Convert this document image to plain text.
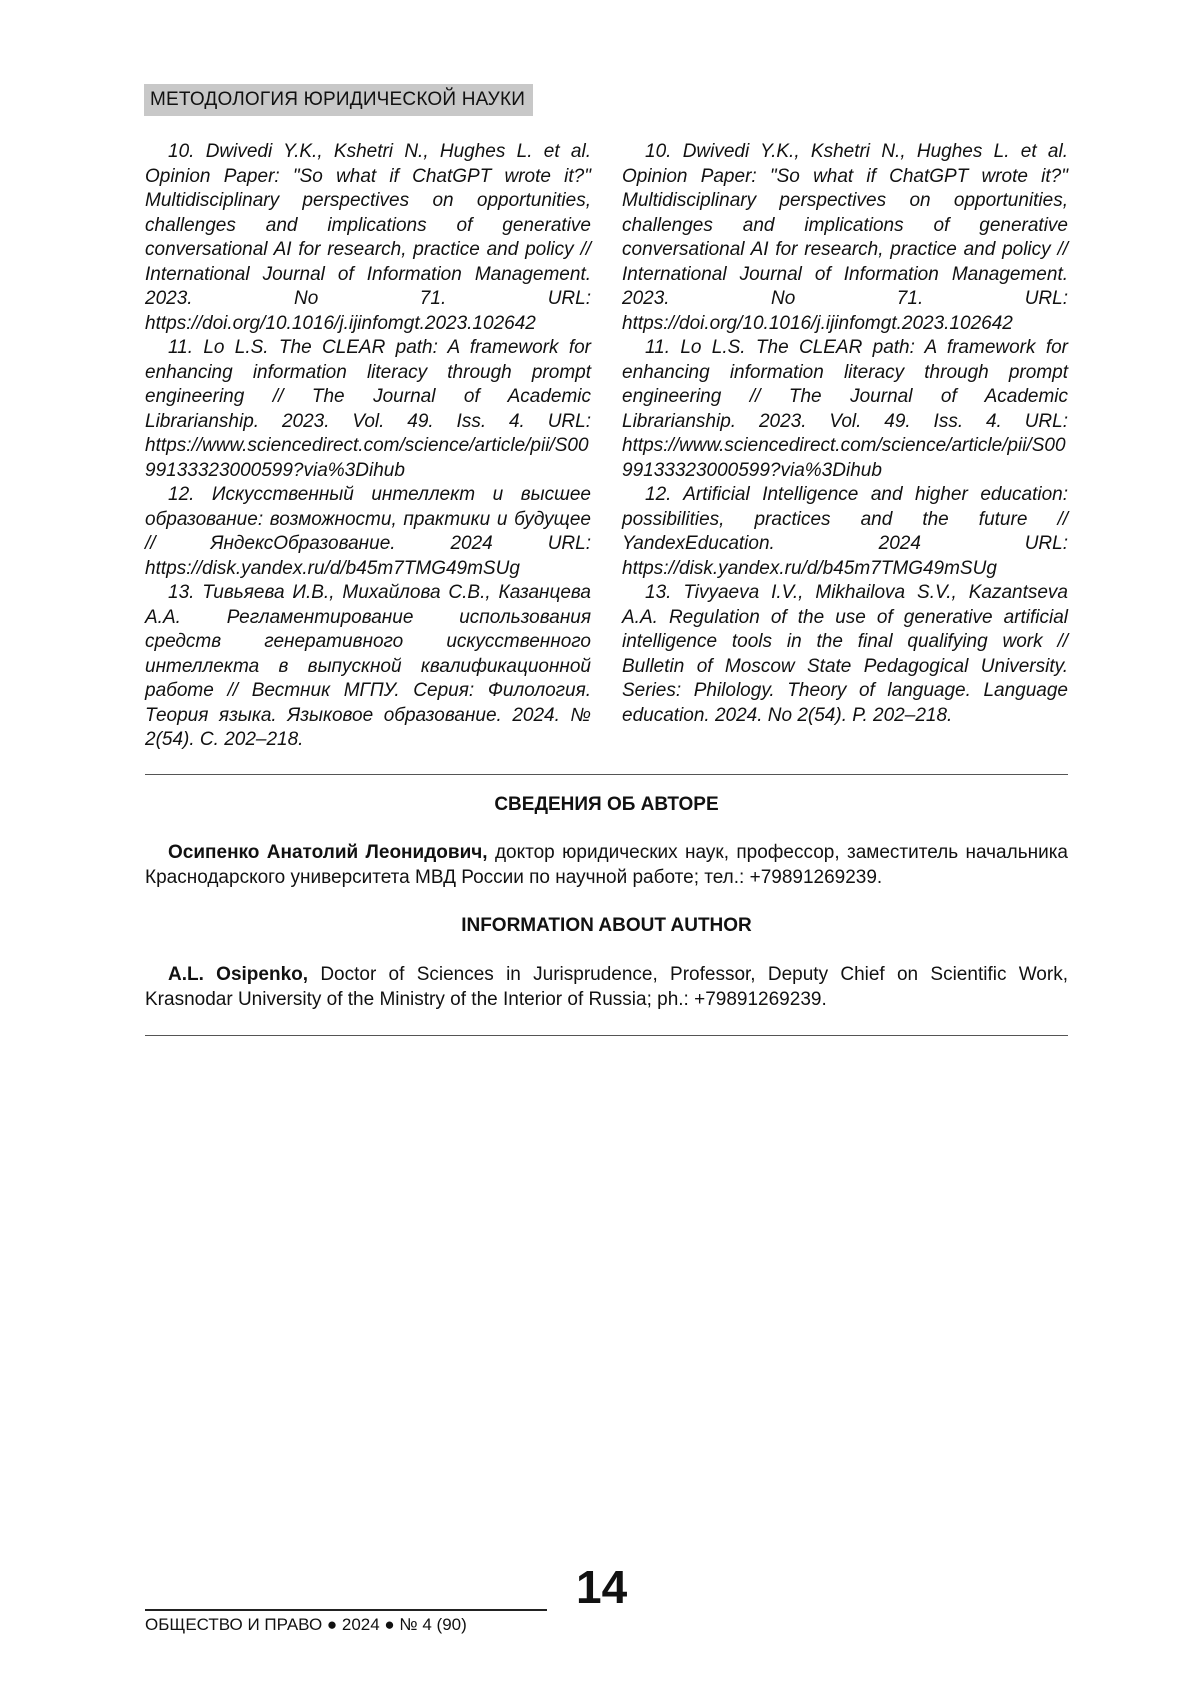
МЕТОДОЛОГИЯ ЮРИДИЧЕСКОЙ НАУКИ

10. Dwivedi Y.K., Kshetri N., Hughes L. et al. Opinion Paper: "So what if ChatGPT wrote it?" Multidisciplinary perspectives on opportunities, challenges and implications of generative conversational AI for research, practice and policy // International Journal of Information Management. 2023. No 71. URL: https://doi.org/10.1016/j.ijinfomgt.2023.102642

11. Lo L.S. The CLEAR path: A framework for enhancing information literacy through prompt engineering // The Journal of Academic Librarianship. 2023. Vol. 49. Iss. 4. URL: https://www.sciencedirect.com/science/article/pii/S0099133323000599?via%3Dihub

12. Искусственный интеллект и высшее образование: возможности, практики и будущее // ЯндексОбразование. 2024 URL: https://disk.yandex.ru/d/b45m7TMG49mSUg

13. Тивьяева И.В., Михайлова С.В., Казанцева А.А. Регламентирование использования средств генеративного искусственного интеллекта в выпускной квалификационной работе // Вестник МГПУ. Серия: Филология. Теория языка. Языковое образование. 2024. № 2(54). С. 202–218.

10. Dwivedi Y.K., Kshetri N., Hughes L. et al. Opinion Paper: "So what if ChatGPT wrote it?" Multidisciplinary perspectives on opportunities, challenges and implications of generative conversational AI for research, practice and policy // International Journal of Information Management. 2023. No 71. URL: https://doi.org/10.1016/j.ijinfomgt.2023.102642

11. Lo L.S. The CLEAR path: A framework for enhancing information literacy through prompt engineering // The Journal of Academic Librarianship. 2023. Vol. 49. Iss. 4. URL: https://www.sciencedirect.com/science/article/pii/S0099133323000599?via%3Dihub

12. Artificial Intelligence and higher education: possibilities, practices and the future // YandexEducation. 2024 URL: https://disk.yandex.ru/d/b45m7TMG49mSUg

13. Tivyaeva I.V., Mikhailova S.V., Kazantseva A.A. Regulation of the use of generative artificial intelligence tools in the final qualifying work // Bulletin of Moscow State Pedagogical University. Series: Philology. Theory of language. Language education. 2024. No 2(54). P. 202–218.

СВЕДЕНИЯ ОБ АВТОРЕ

Осипенко Анатолий Леонидович, доктор юридических наук, профессор, заместитель начальника Краснодарского университета МВД России по научной работе; тел.: +79891269239.

INFORMATION ABOUT AUTHOR

A.L. Osipenko, Doctor of Sciences in Jurisprudence, Professor, Deputy Chief on Scientific Work, Krasnodar University of the Ministry of the Interior of Russia; ph.: +79891269239.

ОБЩЕСТВО И ПРАВО ● 2024 ● № 4 (90)
14
